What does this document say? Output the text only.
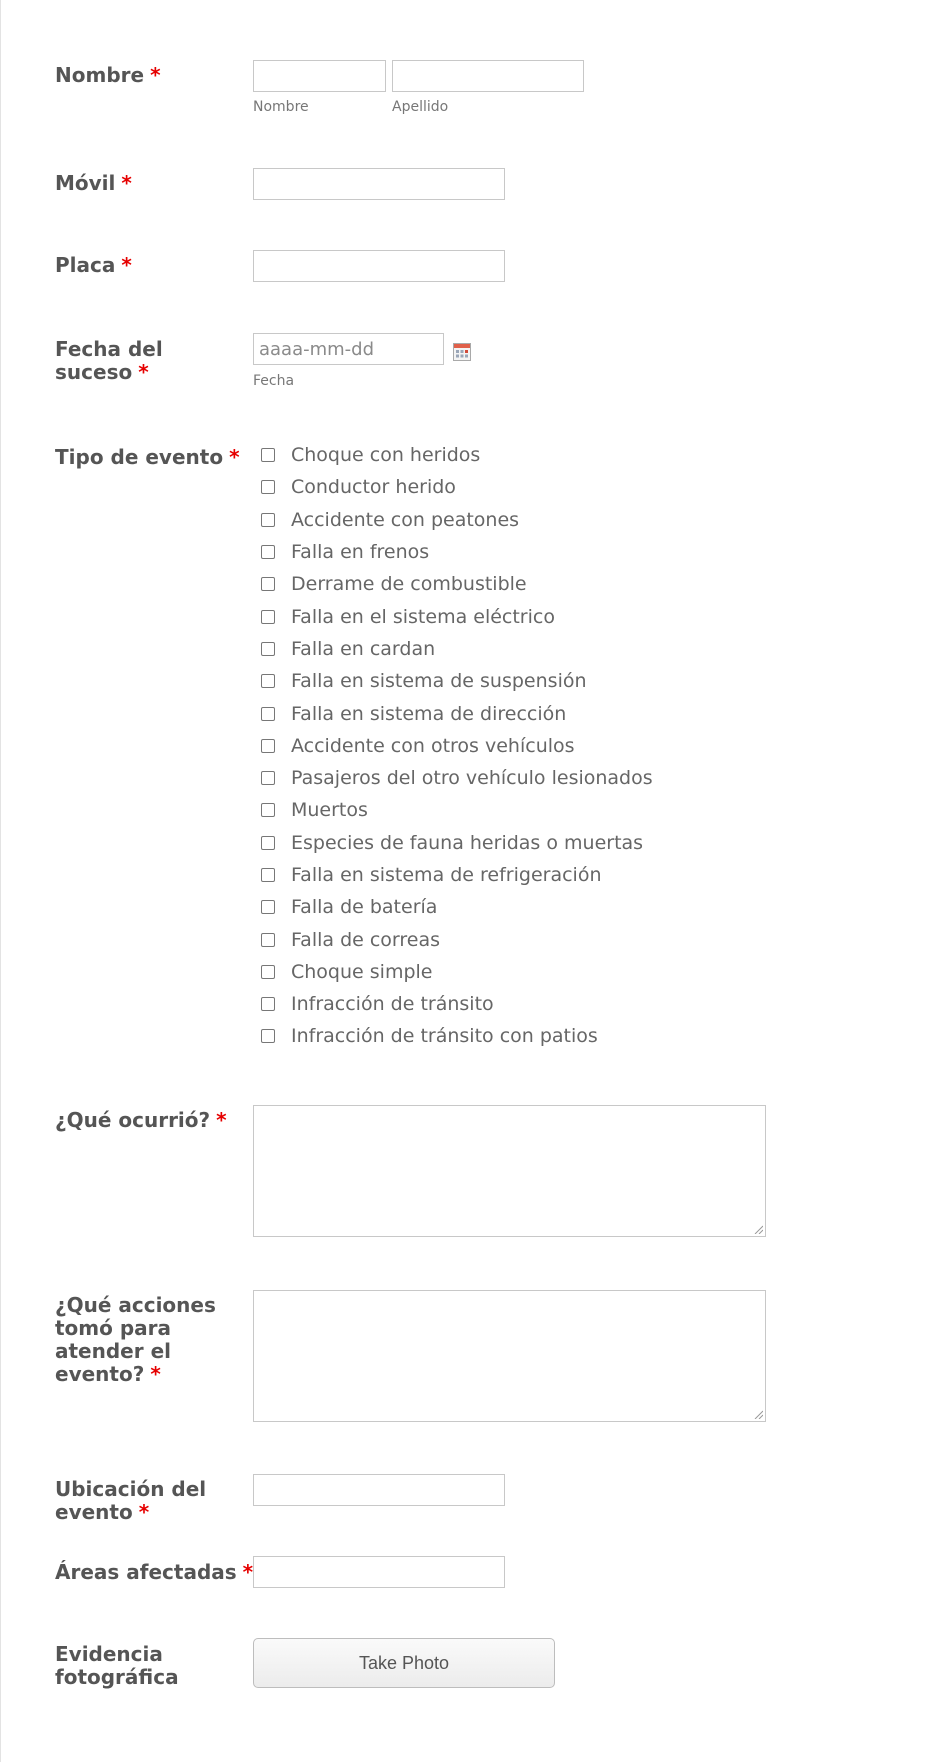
Nombre *
Nombre	Apellido
Móvil *
Placa *
Fecha del
suceso *
aaaa-mm-dd	Fecha
Tipo de evento *	Choque con heridos
Conductor herido
Accidente con peatones
Falla en frenos
Derrame de combustible
Falla en el sistema eléctrico
Falla en cardan
Falla en sistema de suspensión
Falla en sistema de dirección
Accidente con otros vehículos
Pasajeros del otro vehículo lesionados
Muertos
Especies de fauna heridas o muertas
Falla en sistema de refrigeración
Falla de batería
Falla de correas
Choque simple
Infracción de tránsito
Infracción de tránsito con patios
¿Qué ocurrió? *
¿Qué acciones
tomó para
atender el
evento? *
Ubicación del
evento *
Áreas afectadas *
Evidencia
fotográfica
Take Photo
